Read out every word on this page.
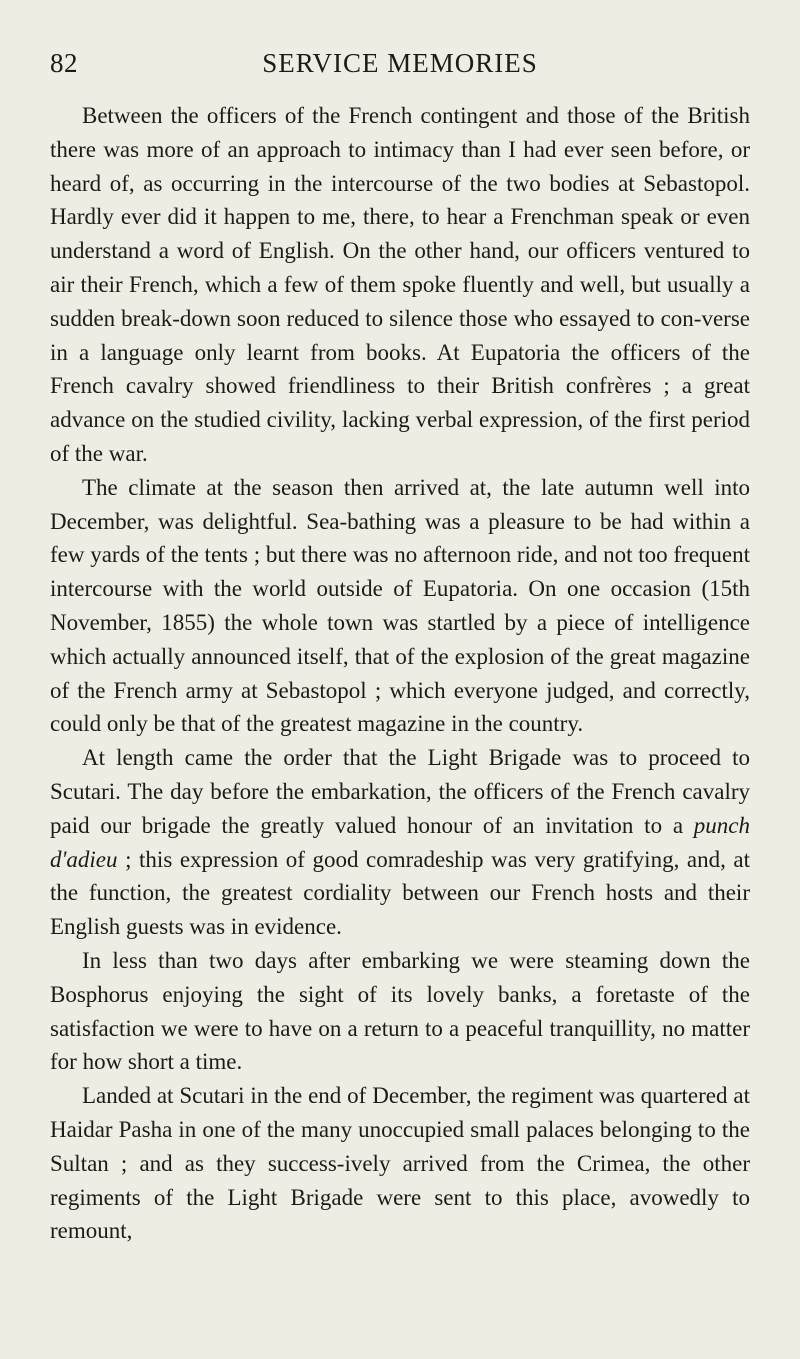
82	SERVICE MEMORIES

Between the officers of the French contingent and those of the British there was more of an approach to intimacy than I had ever seen before, or heard of, as occurring in the intercourse of the two bodies at Sebastopol. Hardly ever did it happen to me, there, to hear a Frenchman speak or even understand a word of English. On the other hand, our officers ventured to air their French, which a few of them spoke fluently and well, but usually a sudden break-down soon reduced to silence those who essayed to con-verse in a language only learnt from books. At Eupatoria the officers of the French cavalry showed friendliness to their British confrères ; a great advance on the studied civility, lacking verbal expression, of the first period of the war.

The climate at the season then arrived at, the late autumn well into December, was delightful. Sea-bathing was a pleasure to be had within a few yards of the tents ; but there was no afternoon ride, and not too frequent intercourse with the world outside of Eupatoria. On one occasion (15th November, 1855) the whole town was startled by a piece of intelligence which actually announced itself, that of the explosion of the great magazine of the French army at Sebastopol ; which everyone judged, and correctly, could only be that of the greatest magazine in the country.

At length came the order that the Light Brigade was to proceed to Scutari. The day before the embarkation, the officers of the French cavalry paid our brigade the greatly valued honour of an invitation to a punch d'adieu ; this expression of good comradeship was very gratifying, and, at the function, the greatest cordiality between our French hosts and their English guests was in evidence.

In less than two days after embarking we were steaming down the Bosphorus enjoying the sight of its lovely banks, a foretaste of the satisfaction we were to have on a return to a peaceful tranquillity, no matter for how short a time.

Landed at Scutari in the end of December, the regiment was quartered at Haidar Pasha in one of the many unoccupied small palaces belonging to the Sultan ; and as they success-ively arrived from the Crimea, the other regiments of the Light Brigade were sent to this place, avowedly to remount,
